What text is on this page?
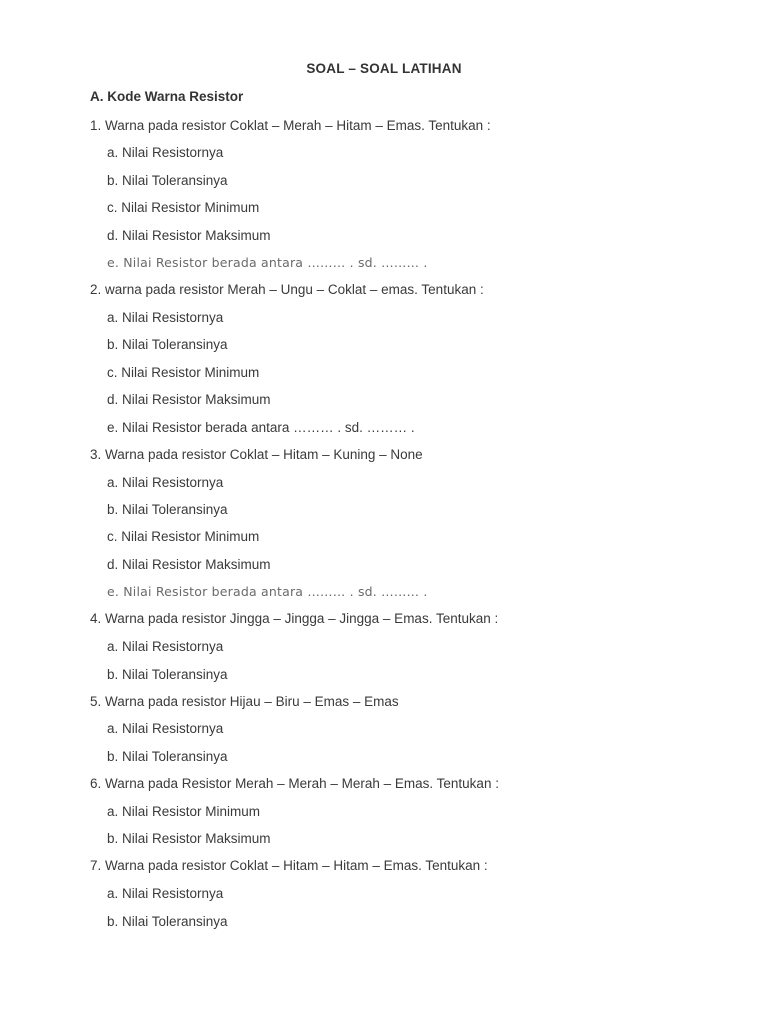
SOAL – SOAL LATIHAN
A. Kode Warna Resistor
1. Warna pada resistor Coklat – Merah – Hitam – Emas. Tentukan :
a. Nilai Resistornya
b. Nilai Toleransinya
c. Nilai Resistor Minimum
d. Nilai Resistor Maksimum
e. Nilai Resistor berada antara ……… . sd. ……… .
2. warna pada resistor Merah – Ungu – Coklat – emas. Tentukan :
a. Nilai Resistornya
b. Nilai Toleransinya
c. Nilai Resistor Minimum
d. Nilai Resistor Maksimum
e. Nilai Resistor berada antara ……… . sd. ……… .
3. Warna pada resistor Coklat – Hitam – Kuning – None
a. Nilai Resistornya
b. Nilai Toleransinya
c. Nilai Resistor Minimum
d. Nilai Resistor Maksimum
e. Nilai Resistor berada antara ……… . sd. ……… .
4. Warna pada resistor Jingga – Jingga – Jingga – Emas. Tentukan :
a. Nilai Resistornya
b. Nilai Toleransinya
5. Warna pada resistor Hijau – Biru – Emas – Emas
a. Nilai Resistornya
b. Nilai Toleransinya
6. Warna pada Resistor Merah – Merah – Merah – Emas. Tentukan :
a. Nilai Resistor Minimum
b. Nilai Resistor Maksimum
7. Warna pada resistor Coklat – Hitam – Hitam – Emas. Tentukan :
a. Nilai Resistornya
b. Nilai Toleransinya
